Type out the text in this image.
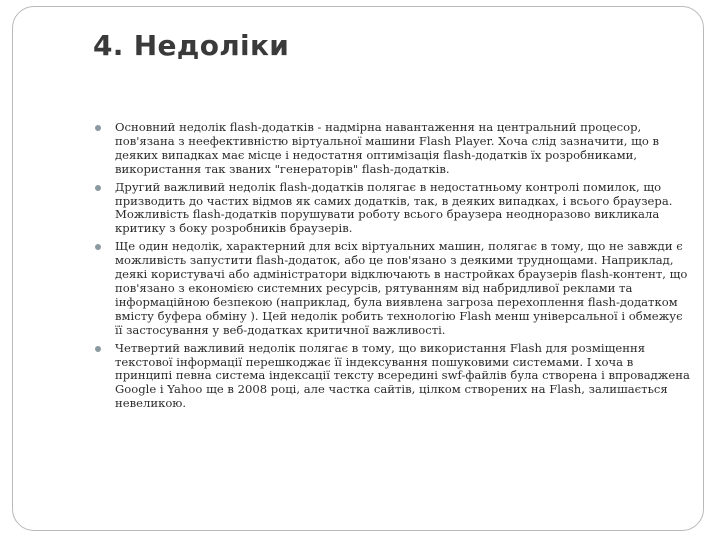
4. Недоліки
Основний недолік flash-додатків - надмірна навантаження на центральний процесор, пов'язана з неефективністю віртуальної машини Flash Player. Хоча слід зазначити, що в деяких випадках має місце і недостатня оптимізація flash-додатків їх розробниками, використання так званих "генераторів" flash-додатків.
Другий важливий недолік flash-додатків полягає в недостатньому контролі помилок, що призводить до частих відмов як самих додатків, так, в деяких випадках, і всього браузера. Можливість flash-додатків порушувати роботу всього браузера неодноразово викликала критику з боку розробників браузерів.
Ще один недолік, характерний для всіх віртуальних машин, полягає в тому, що не завжди є можливість запустити flash-додаток, або це пов'язано з деякими труднощами. Наприклад, деякі користувачі або адміністратори відключають в настройках браузерів flash-контент, що пов'язано з економією системних ресурсів, рятуванням від набридливої реклами та інформаційною безпекою (наприклад, була виявлена загроза перехоплення flash-додатком вмісту буфера обміну ). Цей недолік робить технологію Flash менш універсальної і обмежує її застосування у веб-додатках критичної важливості.
Четвертий важливий недолік полягає в тому, що використання Flash для розміщення текстової інформації перешкоджає її індексування пошуковими системами. І хоча в принципі певна система індексації тексту всередині swf-файлів була створена і впроваджена Google і Yahoo ще в 2008 році, але частка сайтів, цілком створених на Flash, залишається невеликою.
